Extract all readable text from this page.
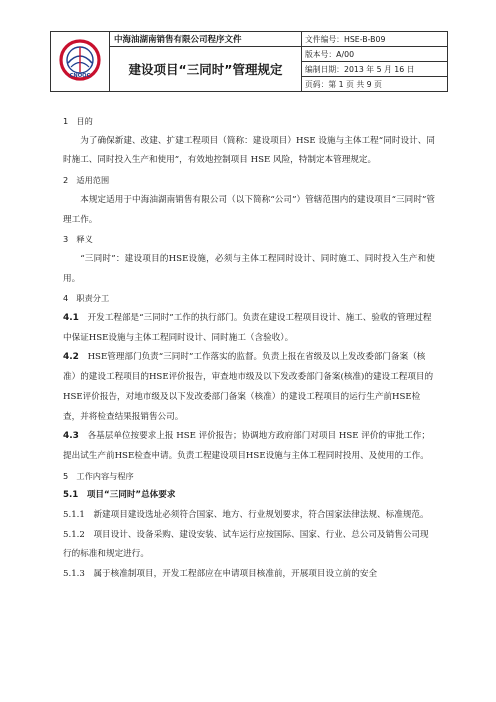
CNOOC	中海油湖南销售有限公司程序文件	文件编号：HSE-B-B09
	建设项目“三同时”管理规定	版本号：A/00
		编制日期：2013 年 5 月 16 日
		页码：第 1 页 共 9 页

1　目的

为了确保新建、改建、扩建工程项目（简称：建设项目）HSE 设施与主体工程“同时设计、同时施工、同时投入生产和使用”，有效地控制项目 HSE 风险，特制定本管理规定。

2　适用范围

本规定适用于中海油湖南销售有限公司（以下简称“公司”）管辖范围内的建设项目“三同时”管理工作。

3　释义

“三同时”：建设项目的HSE设施，必须与主体工程同时设计、同时施工、同时投入生产和使用。

4　职责分工

4.1　 开发工程部是“三同时”工作的执行部门。负责在建设工程项目设计、施工、验收的管理过程中保证HSE设施与主体工程同时设计、同时施工（含验收）。

4.2　 HSE管理部门负责“三同时”工作落实的监督。负责上报在省级及以上发改委部门备案（核准）的建设工程项目的HSE评价报告，审查地市级及以下发改委部门备案(核准)的建设工程项目的HSE评价报告，对地市级及以下发改委部门备案（核准）的建设工程项目的运行生产前HSE检查，并将检查结果报销售公司。

4.3　 各基层单位按要求上报 HSE 评价报告；协调地方政府部门对项目 HSE 评价的审批工作；提出试生产前HSE检查申请。负责工程建设项目HSE设施与主体工程同时投用、及使用的工作。

5　工作内容与程序

5.1　项目“三同时”总体要求

5.1.1　新建项目建设选址必须符合国家、地方、行业规划要求，符合国家法律法规、标准规范。

5.1.2　项目设计、设备采购、建设安装、试车运行应按国际、国家、行业、总公司及销售公司现行的标准和规定进行。

5.1.3　属于核准制项目，开发工程部应在申请项目核准前，开展项目设立前的安全
